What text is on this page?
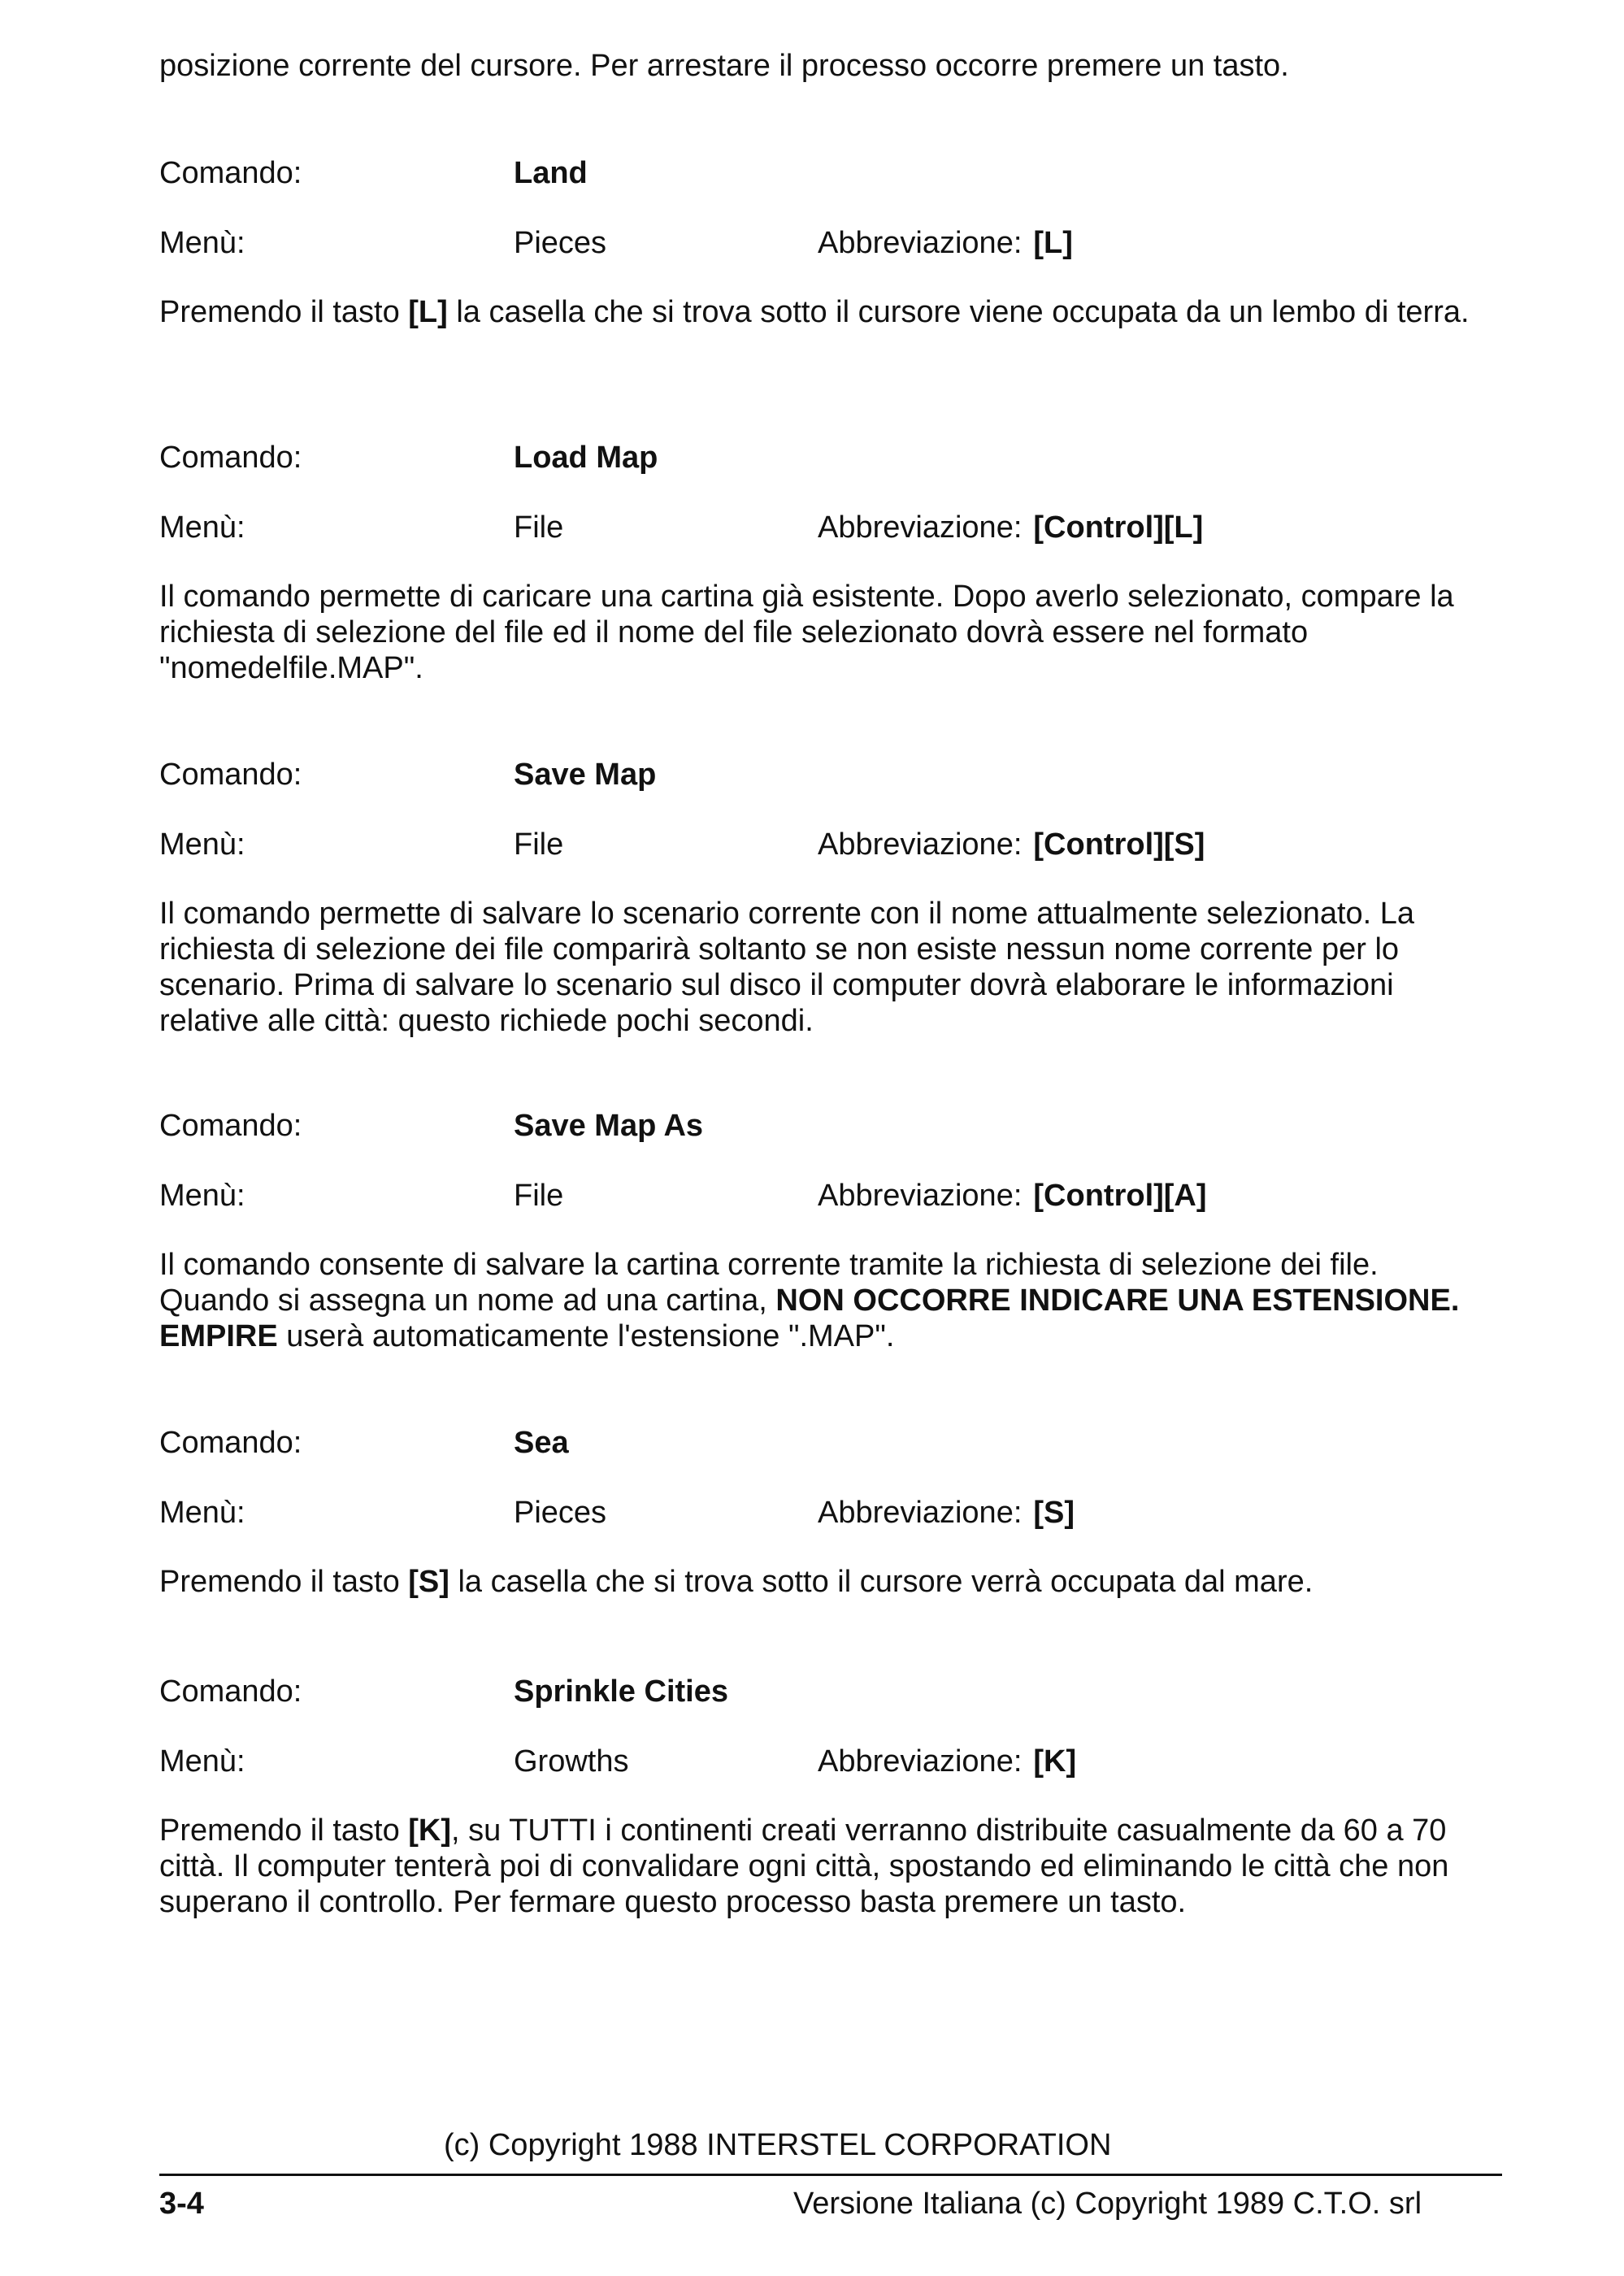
posizione corrente del cursore. Per arrestare il processo occorre premere un tasto.

Comando:	Land
Menù:	Pieces	Abbreviazione: [L]

Premendo il tasto [L] la casella che si trova sotto il cursore viene occupata da un lembo di terra.

Comando:	Load Map
Menù:	File	Abbreviazione: [Control][L]

Il comando permette di caricare una cartina già esistente. Dopo averlo selezionato, compare la richiesta di selezione del file ed il nome del file selezionato dovrà essere nel formato "nomedelfile.MAP".

Comando:	Save Map
Menù:	File	Abbreviazione: [Control][S]

Il comando permette di salvare lo scenario corrente con il nome attualmente selezionato. La richiesta di selezione dei file comparirà soltanto se non esiste nessun nome corrente per lo scenario. Prima di salvare lo scenario sul disco il computer dovrà elaborare le informazioni relative alle città: questo richiede pochi secondi.

Comando:	Save Map As
Menù:	File	Abbreviazione: [Control][A]

Il comando consente di salvare la cartina corrente tramite la richiesta di selezione dei file. Quando si assegna un nome ad una cartina, NON OCCORRE INDICARE UNA ESTENSIONE. EMPIRE userà automaticamente l'estensione ".MAP".

Comando:	Sea
Menù:	Pieces	Abbreviazione: [S]

Premendo il tasto [S] la casella che si trova sotto il cursore verrà occupata dal mare.

Comando:	Sprinkle Cities
Menù:	Growths	Abbreviazione: [K]

Premendo il tasto [K], su TUTTI i continenti creati verranno distribuite casualmente da 60 a 70 città. Il computer tenterà poi di convalidare ogni città, spostando ed eliminando le città che non superano il controllo. Per fermare questo processo basta premere un tasto.

(c) Copyright 1988 INTERSTEL CORPORATION
3-4	Versione Italiana (c) Copyright 1989 C.T.O. srl
